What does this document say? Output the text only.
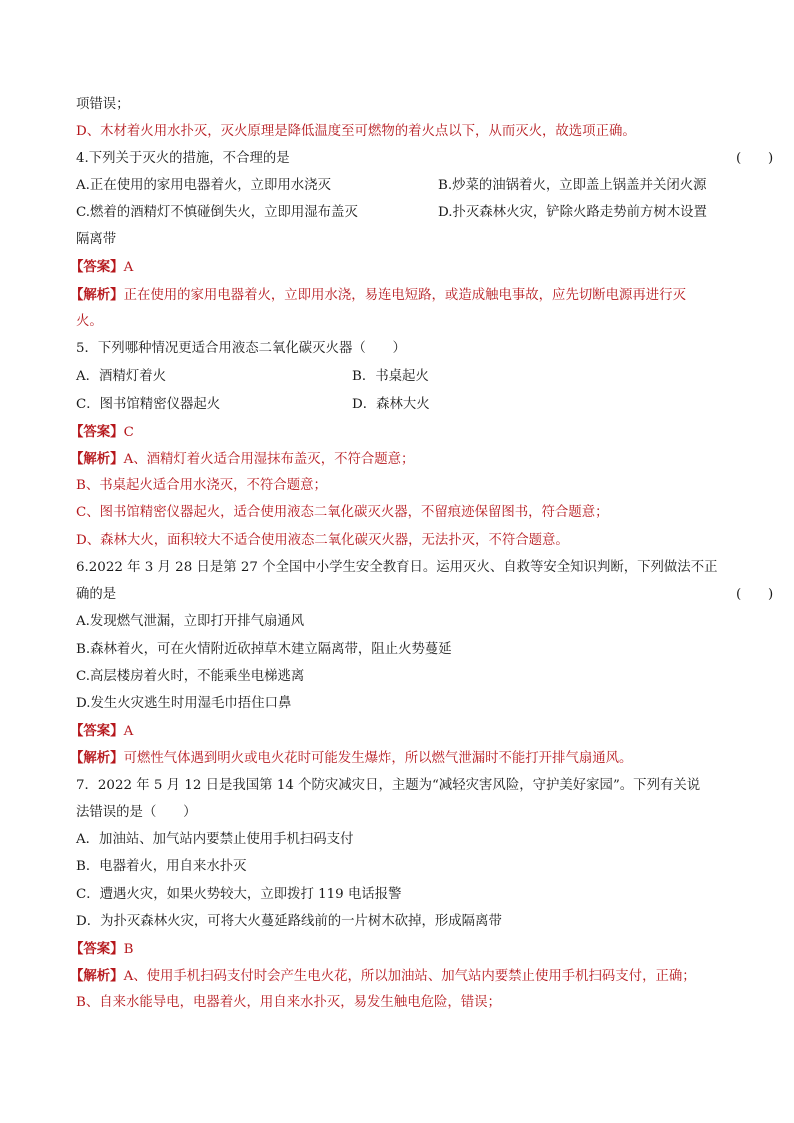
项错误；
D、木材着火用水扑灭，灭火原理是降低温度至可燃物的着火点以下，从而灭火，故选项正确。
4.下列关于灭火的措施，不合理的是	(　　)
A.正在使用的家用电器着火，立即用水浇灭	B.炒菜的油锅着火，立即盖上锅盖并关闭火源
C.燃着的酒精灯不慎碰倒失火，立即用湿布盖灭	D.扑灭森林火灾，铲除火路走势前方树木设置
隔离带
【答案】A
【解析】正在使用的家用电器着火，立即用水浇，易连电短路，或造成触电事故，应先切断电源再进行灭
火。
5．下列哪种情况更适合用液态二氧化碳灭火器（　　）
A．酒精灯着火	B．书桌起火
C．图书馆精密仪器起火	D．森林大火
【答案】C
【解析】A、酒精灯着火适合用湿抹布盖灭，不符合题意；
B、书桌起火适合用水浇灭，不符合题意；
C、图书馆精密仪器起火，适合使用液态二氧化碳灭火器，不留痕迹保留图书，符合题意；
D、森林大火，面积较大不适合使用液态二氧化碳灭火器，无法扑灭，不符合题意。
6.2022 年 3 月 28 日是第 27 个全国中小学生安全教育日。运用灭火、自救等安全知识判断，下列做法不正
确的是	(　　)
A.发现燃气泄漏，立即打开排气扇通风
B.森林着火，可在火情附近砍掉草木建立隔离带，阻止火势蔓延
C.高层楼房着火时，不能乘坐电梯逃离
D.发生火灾逃生时用湿毛巾捂住口鼻
【答案】A
【解析】可燃性气体遇到明火或电火花时可能发生爆炸，所以燃气泄漏时不能打开排气扇通风。
7．2022 年 5 月 12 日是我国第 14 个防灾减灾日，主题为“减轻灾害风险，守护美好家园”。下列有关说
法错误的是（　　）
A．加油站、加气站内要禁止使用手机扫码支付
B．电器着火，用自来水扑灭
C．遭遇火灾，如果火势较大，立即拨打 119 电话报警
D．为扑灭森林火灾，可将大火蔓延路线前的一片树木砍掉，形成隔离带
【答案】B
【解析】A、使用手机扫码支付时会产生电火花，所以加油站、加气站内要禁止使用手机扫码支付，正确；
B、自来水能导电，电器着火，用自来水扑灭，易发生触电危险，错误；
